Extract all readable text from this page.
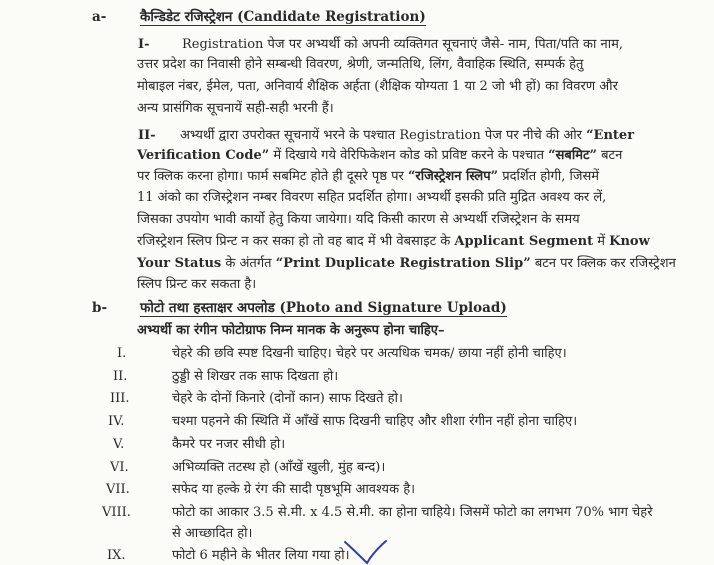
a- कैन्डिडेट रजिस्ट्रेशन (Candidate Registration)
I-	Registration पेज पर अभ्यर्थी को अपनी व्यक्तिगत सूचनाएं जैसे- नाम, पिता/पति का नाम,
उत्तर प्रदेश का निवासी होने सम्बन्धी विवरण, श्रेणी, जन्मतिथि, लिंग, वैवाहिक स्थिति, सम्पर्क हेतु
मोबाइल नंबर, ईमेल, पता, अनिवार्य शैक्षिक अर्हता (शैक्षिक योग्यता 1 या 2 जो भी हों) का विवरण और
अन्य प्रासंगिक सूचनायें सही-सही भरनी हैं।
II- अभ्यर्थी द्वारा उपरोक्त सूचनायें भरने के पश्चात Registration पेज पर नीचे की ओर “Enter
Verification Code” में दिखाये गये वेरिफिकेशन कोड को प्रविष्ट करने के पश्चात “सबमिट” बटन
पर क्लिक करना होगा। फार्म सबमिट होते ही दूसरे पृष्ठ पर “रजिस्ट्रेशन स्लिप” प्रदर्शित होगी, जिसमें
11 अंको का रजिस्ट्रेशन नम्बर विवरण सहित प्रदर्शित होगा। अभ्यर्थी इसकी प्रति मुद्रित अवश्य कर लें,
जिसका उपयोग भावी कार्यो हेतु किया जायेगा। यदि किसी कारण से अभ्यर्थी रजिस्ट्रेशन के समय
रजिस्ट्रेशन स्लिप प्रिन्ट न कर सका हो तो वह बाद में भी वेबसाइट के Applicant Segment में Know
Your Status के अंतर्गत “Print Duplicate Registration Slip” बटन पर क्लिक कर रजिस्ट्रेशन
स्लिप प्रिन्ट कर सकता है।
b- फोटो तथा हस्ताक्षर अपलोड (Photo and Signature Upload)
अभ्यर्थी का रंगीन फोटोग्राफ निम्न मानक के अनुरूप होना चाहिए–
I.	चेहरे की छवि स्पष्ट दिखनी चाहिए। चेहरे पर अत्यधिक चमक/ छाया नहीं होनी चाहिए।
II.	ठुड्डी से शिखर तक साफ दिखता हो।
III.	चेहरे के दोनों किनारे (दोनों कान) साफ दिखते हो।
IV.	चश्मा पहनने की स्थिति में आँखें साफ दिखनी चाहिए और शीशा रंगीन नहीं होना चाहिए।
V.	कैमरे पर नजर सीधी हो।
VI.	अभिव्यक्ति तटस्थ हो (आँखें खुली, मुंह बन्द)।
VII.	सफेद या हल्के ग्रे रंग की सादी पृष्ठभूमि आवश्यक है।
VIII.	फोटो का आकार 3.5 से.मी. x 4.5 से.मी. का होना चाहिये। जिसमें फोटो का लगभग 70% भाग चेहरे
से आच्छादित हो।
IX.	फोटो 6 महीने के भीतर लिया गया हो।
